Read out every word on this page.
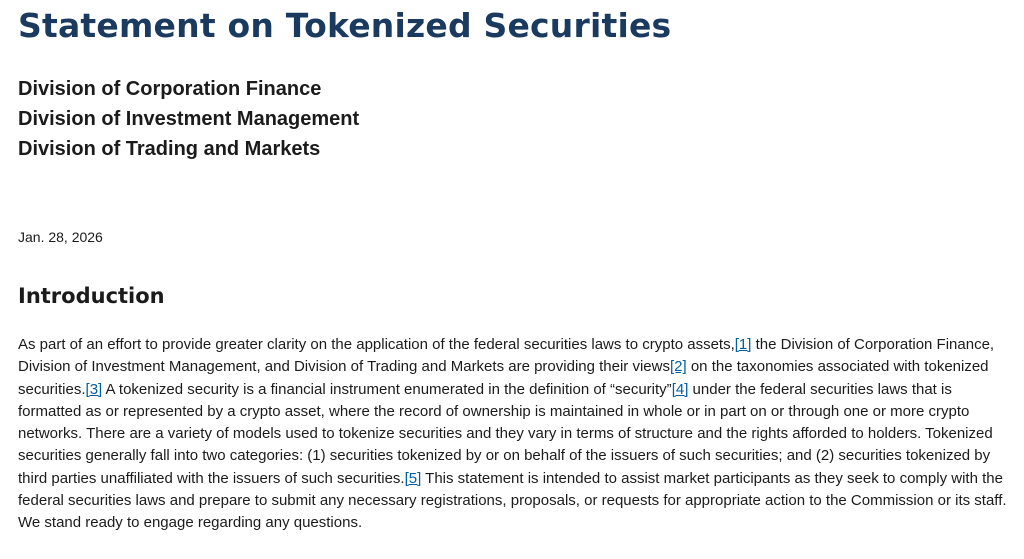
Statement on Tokenized Securities
Division of Corporation Finance
Division of Investment Management
Division of Trading and Markets
Jan. 28, 2026
Introduction

As part of an effort to provide greater clarity on the application of the federal securities laws to crypto assets,[1] the Division of Corporation Finance, Division of Investment Management, and Division of Trading and Markets are providing their views[2] on the taxonomies associated with tokenized securities.[3] A tokenized security is a financial instrument enumerated in the definition of “security”[4] under the federal securities laws that is formatted as or represented by a crypto asset, where the record of ownership is maintained in whole or in part on or through one or more crypto networks. There are a variety of models used to tokenize securities and they vary in terms of structure and the rights afforded to holders. Tokenized securities generally fall into two categories: (1) securities tokenized by or on behalf of the issuers of such securities; and (2) securities tokenized by third parties unaffiliated with the issuers of such securities.[5] This statement is intended to assist market participants as they seek to comply with the federal securities laws and prepare to submit any necessary registrations, proposals, or requests for appropriate action to the Commission or its staff. We stand ready to engage regarding any questions.
